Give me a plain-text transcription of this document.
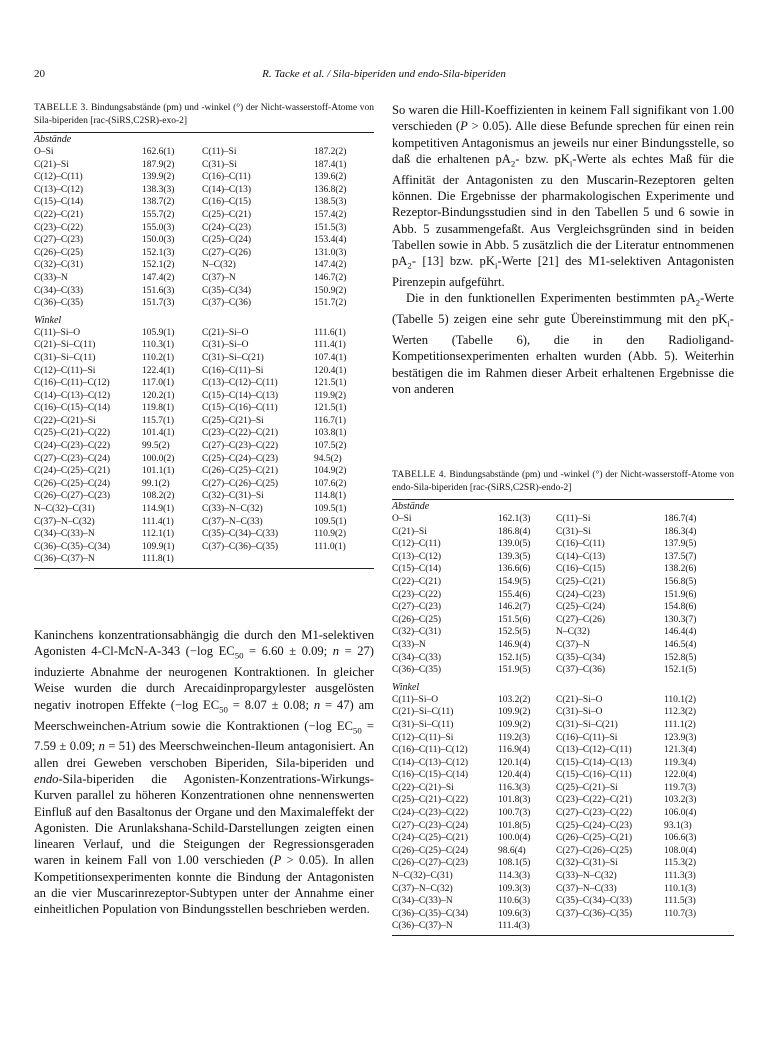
20	R. Tacke et al. / Sila-biperiden und endo-Sila-biperiden

TABELLE 3. Bindungsabstände (pm) und -winkel (°) der Nicht-wasserstoff-Atome von Sila-biperiden [rac-(SiRS,C2SR)-exo-2]

Abstände
O–Si	162.6(1)	C(11)–Si	187.2(2)
C(21)–Si	187.9(2)	C(31)–Si	187.4(1)
C(12)–C(11)	139.9(2)	C(16)–C(11)	139.6(2)
C(13)–C(12)	138.3(3)	C(14)–C(13)	136.8(2)
C(15)–C(14)	138.7(2)	C(16)–C(15)	138.5(3)
C(22)–C(21)	155.7(2)	C(25)–C(21)	157.4(2)
C(23)–C(22)	155.0(3)	C(24)–C(23)	151.5(3)
C(27)–C(23)	150.0(3)	C(25)–C(24)	153.4(4)
C(26)–C(25)	152.1(3)	C(27)–C(26)	131.0(3)
C(32)–C(31)	152.1(2)	N–C(32)	147.4(2)
C(33)–N	147.4(2)	C(37)–N	146.7(2)
C(34)–C(33)	151.6(3)	C(35)–C(34)	150.9(2)
C(36)–C(35)	151.7(3)	C(37)–C(36)	151.7(2)
Winkel
C(11)–Si–O	105.9(1)	C(21)–Si–O	111.6(1)
C(21)–Si–C(11)	110.3(1)	C(31)–Si–O	111.4(1)
C(31)–Si–C(11)	110.2(1)	C(31)–Si–C(21)	107.4(1)
C(12)–C(11)–Si	122.4(1)	C(16)–C(11)–Si	120.4(1)
C(16)–C(11)–C(12)	117.0(1)	C(13)–C(12)–C(11)	121.5(1)
C(14)–C(13)–C(12)	120.2(1)	C(15)–C(14)–C(13)	119.9(2)
C(16)–C(15)–C(14)	119.8(1)	C(15)–C(16)–C(11)	121.5(1)
C(22)–C(21)–Si	115.7(1)	C(25)–C(21)–Si	116.7(1)
C(25)–C(21)–C(22)	101.4(1)	C(23)–C(22)–C(21)	103.8(1)
C(24)–C(23)–C(22)	99.5(2)	C(27)–C(23)–C(22)	107.5(2)
C(27)–C(23)–C(24)	100.0(2)	C(25)–C(24)–C(23)	94.5(2)
C(24)–C(25)–C(21)	101.1(1)	C(26)–C(25)–C(21)	104.9(2)
C(26)–C(25)–C(24)	99.1(2)	C(27)–C(26)–C(25)	107.6(2)
C(26)–C(27)–C(23)	108.2(2)	C(32)–C(31)–Si	114.8(1)
N–C(32)–C(31)	114.9(1)	C(33)–N–C(32)	109.5(1)
C(37)–N–C(32)	111.4(1)	C(37)–N–C(33)	109.5(1)
C(34)–C(33)–N	112.1(1)	C(35)–C(34)–C(33)	110.9(2)
C(36)–C(35)–C(34)	109.9(1)	C(37)–C(36)–C(35)	111.0(1)
C(36)–C(37)–N	111.8(1)

Kaninchens konzentrationsabhängig die durch den M1-selektiven Agonisten 4-Cl-McN-A-343 (−log $EC_{50} = 6.60 \pm 0.09$; n = 27) induzierte Abnahme der neurogenen Kontraktionen. In gleicher Weise wurden die durch Arecaidinpropargylester ausgelösten negativ inotropen Effekte (−log $EC_{50} = 8.07 \pm 0.08$; n = 47) am Meerschweinchen-Atrium sowie die Kontraktionen (−log $EC_{50} = 7.59 \pm 0.09$; n = 51) des Meerschweinchen-Ileum antagonisiert. An allen drei Geweben verschoben Biperiden, Sila-biperiden und endo-Sila-biperiden die Agonisten-Konzentrations-Wirkungs-Kurven parallel zu höheren Konzentrationen ohne nennenswerten Einfluß auf den Basaltonus der Organe und den Maximaleffekt der Agonisten. Die Arunlakshana-Schild-Darstellungen zeigten einen linearen Verlauf, und die Steigungen der Regressionsgeraden waren in keinem Fall von 1.00 verschieden (P > 0.05). In allen Kompetitionsexperimenten konnte die Bindung der Antagonisten an die vier Muscarinrezeptor-Subtypen unter der Annahme einer einheitlichen Population von Bindungsstellen beschrieben werden.

So waren die Hill-Koeffizienten in keinem Fall signifikant von 1.00 verschieden (P > 0.05). Alle diese Befunde sprechen für einen rein kompetitiven Antagonismus an jeweils nur einer Bindungsstelle, so daß die erhaltenen $pA_2-$ bzw. $pK_i$-Werte als echtes Maß für die Affinität der Antagonisten zu den Muscarin-Rezeptoren gelten können. Die Ergebnisse der pharmakologischen Experimente und Rezeptor-Bindungsstudien sind in den Tabellen 5 und 6 sowie in Abb. 5 zusammengefaßt. Aus Vergleichsgründen sind in beiden Tabellen sowie in Abb. 5 zusätzlich die der Literatur entnommenen $pA_2-$ [13] bzw. $pK_i$-Werte [21] des M1-selektiven Antagonisten Pirenzepin aufgeführt.

Die in den funktionellen Experimenten bestimmten $pA_2$-Werte (Tabelle 5) zeigen eine sehr gute Übereinstimmung mit den $pK_i$-Werten (Tabelle 6), die in den Radioligand-Kompetitionsexperimenten erhalten wurden (Abb. 5). Weiterhin bestätigen die im Rahmen dieser Arbeit erhaltenen Ergebnisse die von anderen

TABELLE 4. Bindungsabstände (pm) und -winkel (°) der Nicht-wasserstoff-Atome von endo-Sila-biperiden [rac-(SiRS,C2SR)-endo-2]

Abstände
O–Si	162.1(3)	C(11)–Si	186.7(4)
C(21)–Si	186.8(4)	C(31)–Si	186.3(4)
C(12)–C(11)	139.0(5)	C(16)–C(11)	137.9(5)
C(13)–C(12)	139.3(5)	C(14)–C(13)	137.5(7)
C(15)–C(14)	136.6(6)	C(16)–C(15)	138.2(6)
C(22)–C(21)	154.9(5)	C(25)–C(21)	156.8(5)
C(23)–C(22)	155.4(6)	C(24)–C(23)	151.9(6)
C(27)–C(23)	146.2(7)	C(25)–C(24)	154.8(6)
C(26)–C(25)	151.5(6)	C(27)–C(26)	130.3(7)
C(32)–C(31)	152.5(5)	N–C(32)	146.4(4)
C(33)–N	146.9(4)	C(37)–N	146.5(4)
C(34)–C(33)	152.1(5)	C(35)–C(34)	152.8(5)
C(36)–C(35)	151.9(5)	C(37)–C(36)	152.1(5)
Winkel
C(11)–Si–O	103.2(2)	C(21)–Si–O	110.1(2)
C(21)–Si–C(11)	109.9(2)	C(31)–Si–O	112.3(2)
C(31)–Si–C(11)	109.9(2)	C(31)–Si–C(21)	111.1(2)
C(12)–C(11)–Si	119.2(3)	C(16)–C(11)–Si	123.9(3)
C(16)–C(11)–C(12)	116.9(4)	C(13)–C(12)–C(11)	121.3(4)
C(14)–C(13)–C(12)	120.1(4)	C(15)–C(14)–C(13)	119.3(4)
C(16)–C(15)–C(14)	120.4(4)	C(15)–C(16)–C(11)	122.0(4)
C(22)–C(21)–Si	116.3(3)	C(25)–C(21)–Si	119.7(3)
C(25)–C(21)–C(22)	101.8(3)	C(23)–C(22)–C(21)	103.2(3)
C(24)–C(23)–C(22)	100.7(3)	C(27)–C(23)–C(22)	106.0(4)
C(27)–C(23)–C(24)	101.8(5)	C(25)–C(24)–C(23)	93.1(3)
C(24)–C(25)–C(21)	100.0(4)	C(26)–C(25)–C(21)	106.6(3)
C(26)–C(25)–C(24)	98.6(4)	C(27)–C(26)–C(25)	108.0(4)
C(26)–C(27)–C(23)	108.1(5)	C(32)–C(31)–Si	115.3(2)
N–C(32)–C(31)	114.3(3)	C(33)–N–C(32)	111.3(3)
C(37)–N–C(32)	109.3(3)	C(37)–N–C(33)	110.1(3)
C(34)–C(33)–N	110.6(3)	C(35)–C(34)–C(33)	111.5(3)
C(36)–C(35)–C(34)	109.6(3)	C(37)–C(36)–C(35)	110.7(3)
C(36)–C(37)–N	111.4(3)
